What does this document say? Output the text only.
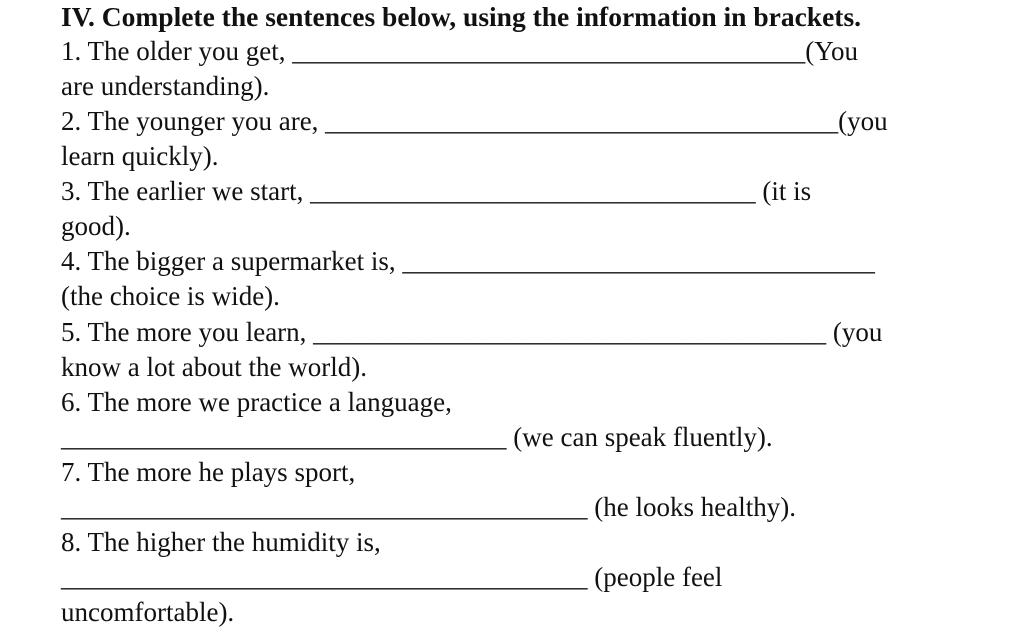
IV. Complete the sentences below, using the information in brackets.
1. The older you get, ______________________________________(You
are understanding).
2. The younger you are, ______________________________________(you
learn quickly).
3. The earlier we start, _________________________________ (it is
good).
4. The bigger a supermarket is, ___________________________________
(the choice is wide).
5. The more you learn, ______________________________________ (you
know a lot about the world).
6. The more we practice a language,
_________________________________ (we can speak fluently).
7. The more he plays sport,
_______________________________________ (he looks healthy).
8. The higher the humidity is,
_______________________________________ (people feel
uncomfortable).
